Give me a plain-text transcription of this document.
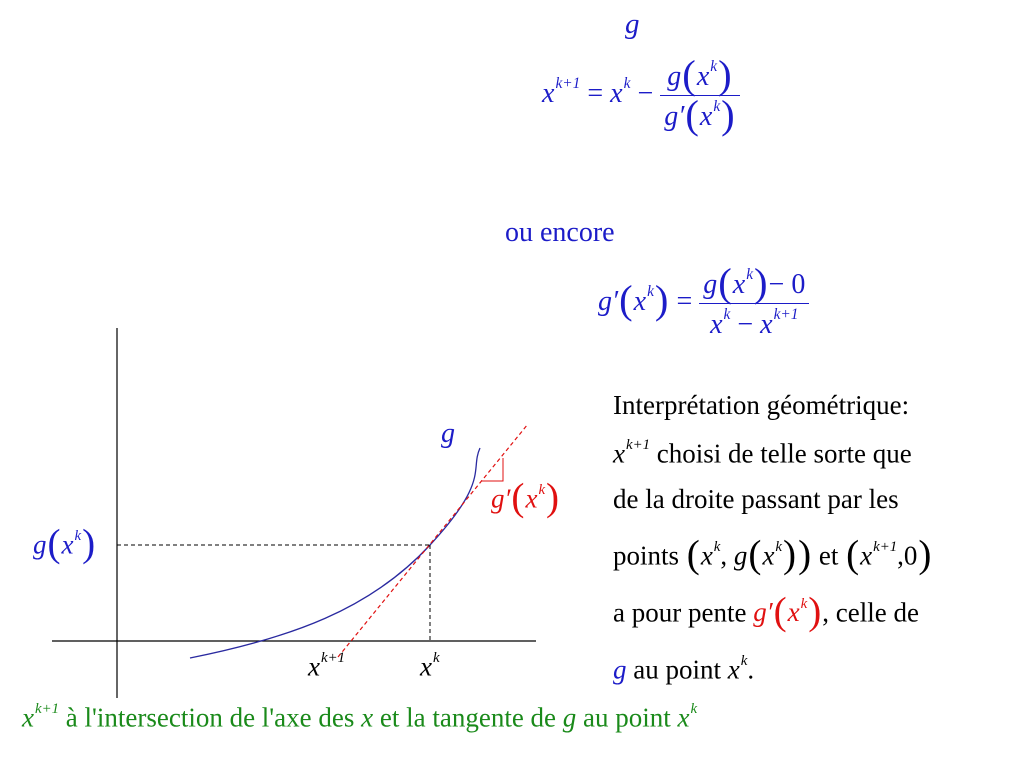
g
$x^{k+1} = x^k - \frac{g(x^k)}{g'(x^k)}$
ou encore
$g'(x^k) = \frac{g(x^k)- 0}{x^k - x^{k+1}}$
Interprétation géométrique:
$x^{k+1}$ choisi de telle sorte que
de la droite passant par les
points ($x^k$, $g(x^k)$) et $(x^{k+1},0)$
a pour pente $g'(x^k)$, celle de
g au point $x^k$.
g
$g'(x^k)$
$g(x^k)$
$x^{k+1}$	$x^k$
$x^{k+1}$ à l'intersection de l'axe des x et la tangente de g au point $x^k$
